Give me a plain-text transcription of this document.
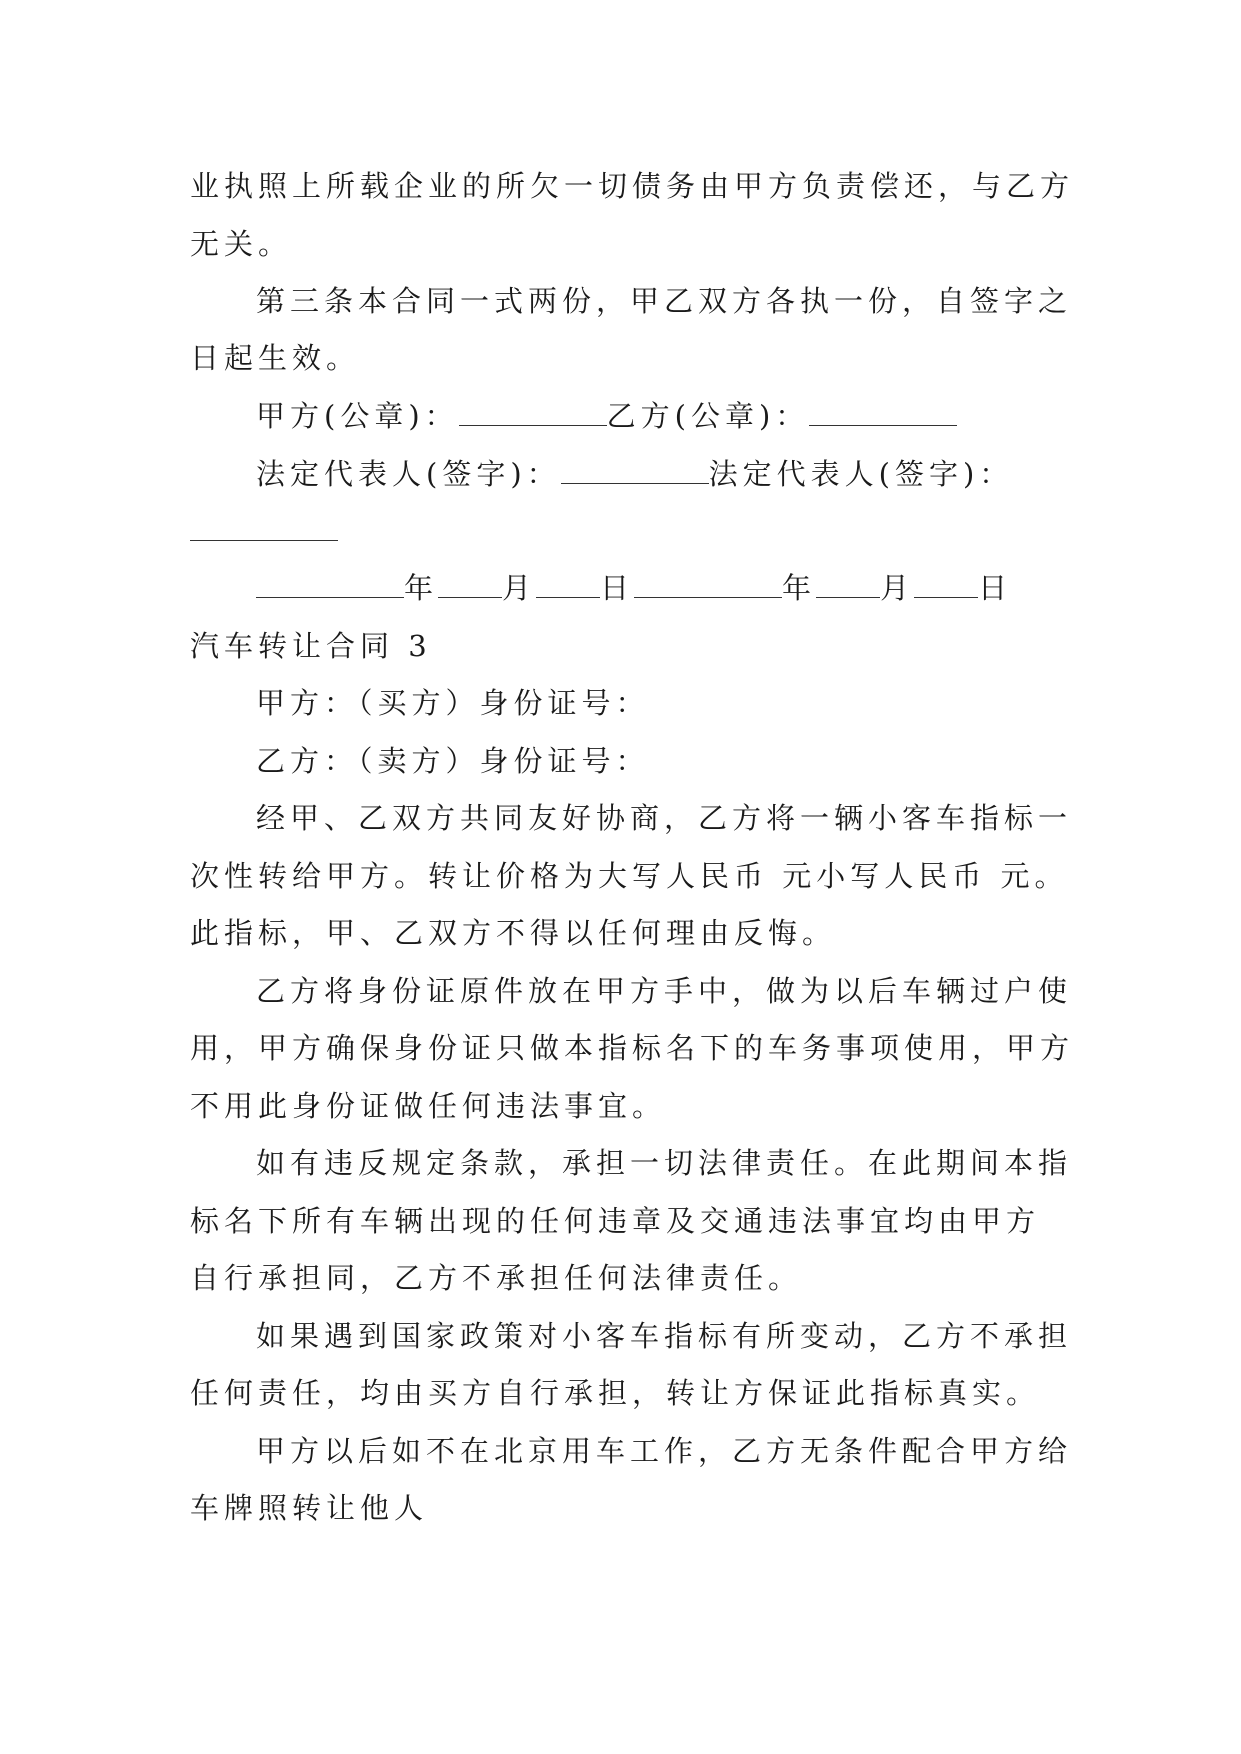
业执照上所载企业的所欠一切债务由甲方负责偿还，与乙方
无关。
第三条本合同一式两份，甲乙双方各执一份，自签字之
日起生效。
甲方(公章)：	乙方(公章)：
法定代表人(签字)：	法定代表人(签字)：
年 月 日	年 月 日
汽车转让合同 3
甲方：（买方）身份证号：
乙方：（卖方）身份证号：
经甲、乙双方共同友好协商，乙方将一辆小客车指标一
次性转给甲方。转让价格为大写人民币 元小写人民币 元。
此指标，甲、乙双方不得以任何理由反悔。
乙方将身份证原件放在甲方手中，做为以后车辆过户使
用，甲方确保身份证只做本指标名下的车务事项使用，甲方
不用此身份证做任何违法事宜。
如有违反规定条款，承担一切法律责任。在此期间本指
标名下所有车辆出现的任何违章及交通违法事宜均由甲方
自行承担同，乙方不承担任何法律责任。
如果遇到国家政策对小客车指标有所变动，乙方不承担
任何责任，均由买方自行承担，转让方保证此指标真实。
甲方以后如不在北京用车工作，乙方无条件配合甲方给
车牌照转让他人
